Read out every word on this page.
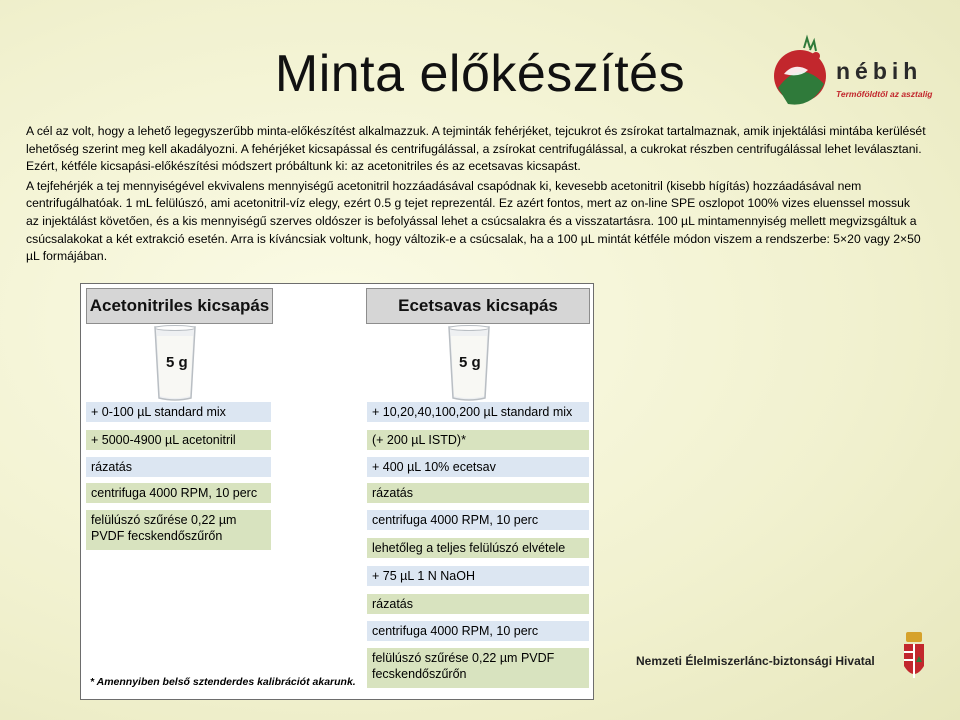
Minta előkészítés	nébih
Termőföldtől az asztalig

A cél az volt, hogy a lehető legegyszerűbb minta-előkészítést alkalmazzuk. A tejminták fehérjéket, tejcukrot és zsírokat tartalmaznak, amik injektálási mintába kerülését lehetőség szerint meg kell akadályozni. A fehérjéket kicsapással és centrifugálással, a zsírokat centrifugálással, a cukrokat részben centrifugálással lehet leválasztani. Ezért, kétféle kicsapási-előkészítési módszert próbáltunk ki: az acetonitriles és az ecetsavas kicsapást.

A tejfehérjék a tej mennyiségével ekvivalens mennyiségű acetonitril hozzáadásával csapódnak ki, kevesebb acetonitril (kisebb hígítás) hozzáadásával nem centrifugálhatóak. 1 mL felülúszó, ami acetonitril-víz elegy, ezért 0.5 g tejet reprezentál. Ez azért fontos, mert az on-line SPE oszlopot 100% vizes eluenssel mossuk az injektálást követően, és a kis mennyiségű szerves oldószer is befolyással lehet a csúcsalakra és a visszatartásra. 100 µL mintamennyiség mellett megvizsgáltuk a csúcsalakokat a két extrakció esetén. Arra is kíváncsiak voltunk, hogy változik-e a csúcsalak, ha a 100 µL mintát kétféle módon viszem a rendszerbe: 5×20 vagy 2×50 µL formájában.

Acetonitriles kicsapás
5 g
+ 0-100 µL standard mix
+ 5000-4900 µL acetonitril
rázatás
centrifuga 4000 RPM, 10 perc
felülúszó szűrése 0,22 µm PVDF fecskendőszűrőn
Ecetsavas kicsapás
5 g
+ 10,20,40,100,200 µL standard mix
(+ 200 µL ISTD)*
+ 400 µL 10% ecetsav
rázatás
centrifuga 4000 RPM, 10 perc
lehetőleg a teljes felülúszó elvétele
+ 75 µL 1 N NaOH
rázatás
centrifuga 4000 RPM, 10 perc
felülúszó szűrése 0,22 µm PVDF fecskendőszűrőn
* Amennyiben belső sztenderdes kalibrációt akarunk.
Nemzeti Élelmiszerlánc-biztonsági Hivatal
